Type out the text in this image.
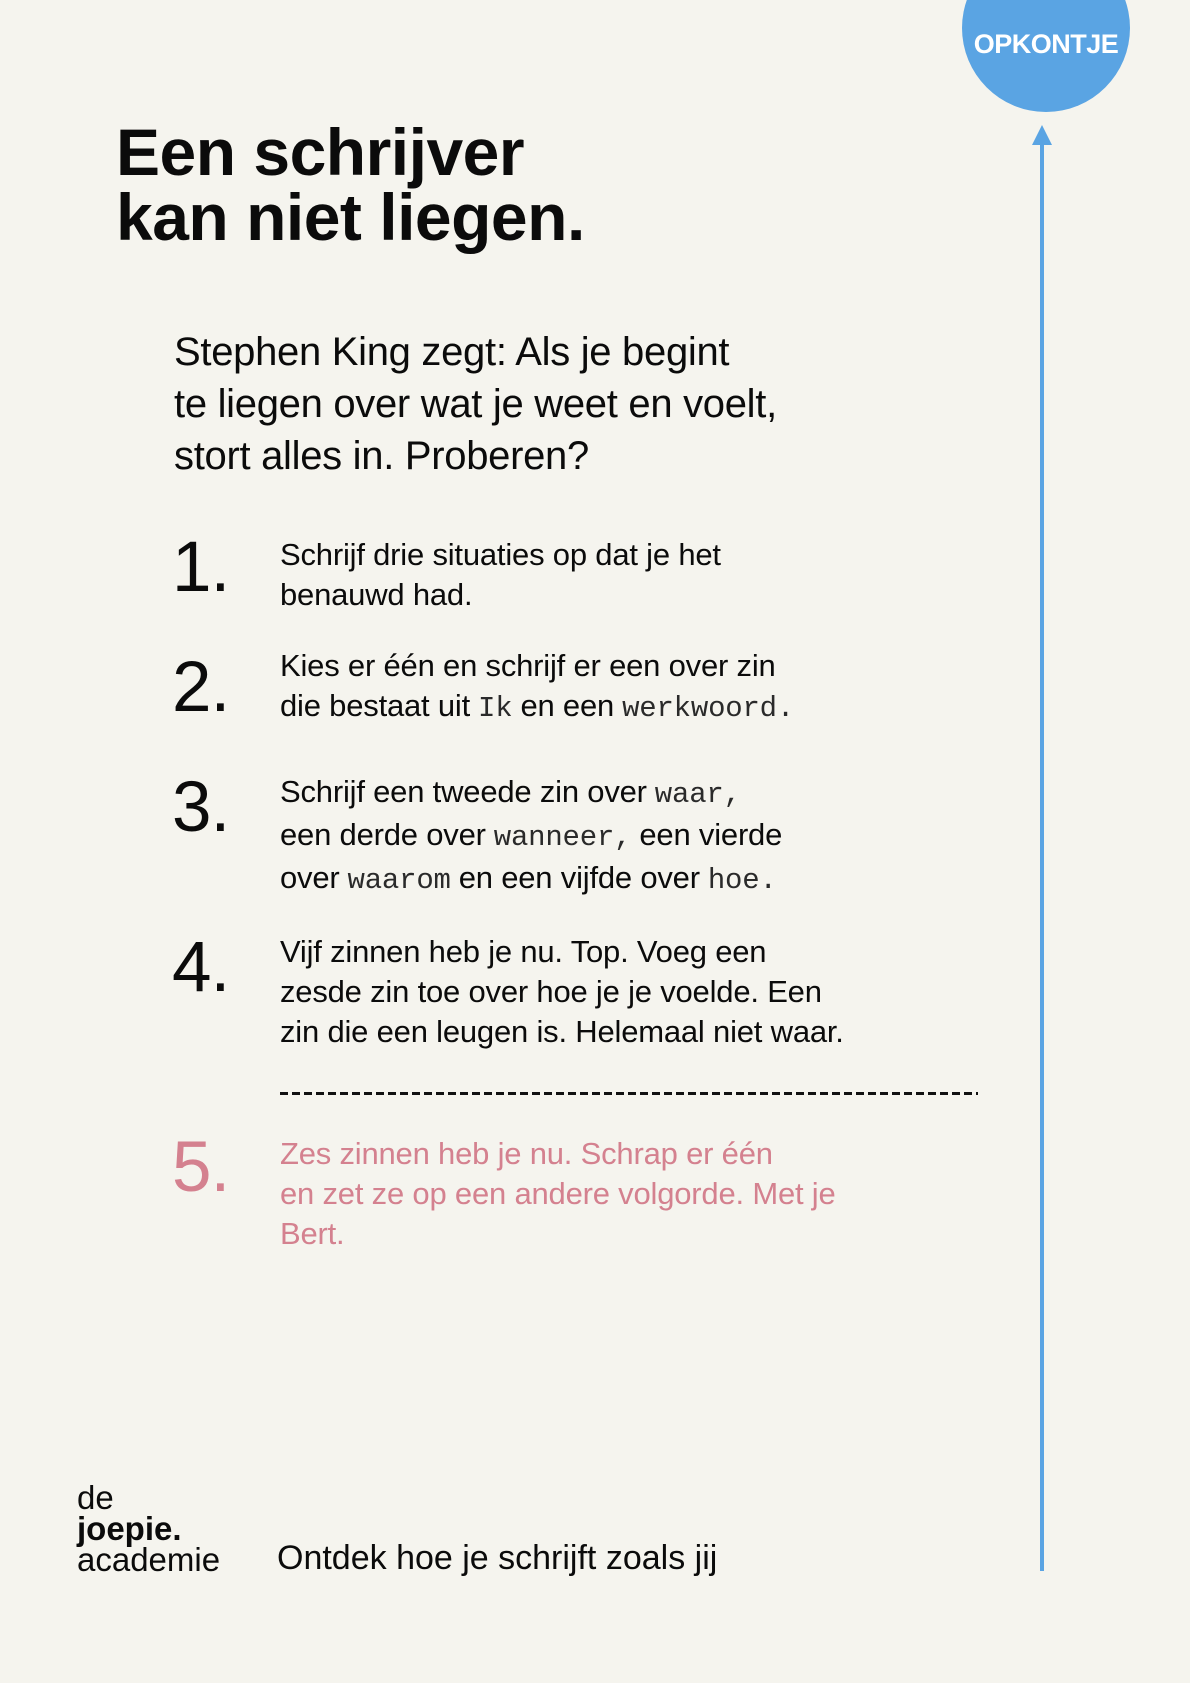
OPKONTJE
Een schrijver
kan niet liegen.
Stephen King zegt: Als je begint
te liegen over wat je weet en voelt,
stort alles in. Proberen?
1. Schrijf drie situaties op dat je het
benauwd had.
2. Kies er één en schrijf er een over zin
die bestaat uit Ik en een werkwoord.
3. Schrijf een tweede zin over waar,
een derde over wanneer, een vierde
over waarom en een vijfde over hoe.
4. Vijf zinnen heb je nu. Top. Voeg een
zesde zin toe over hoe je je voelde. Een
zin die een leugen is. Helemaal niet waar.
5. Zes zinnen heb je nu. Schrap er één
en zet ze op een andere volgorde. Met je
Bert.
de
joepie.
academie Ontdek hoe je schrijft zoals jij
